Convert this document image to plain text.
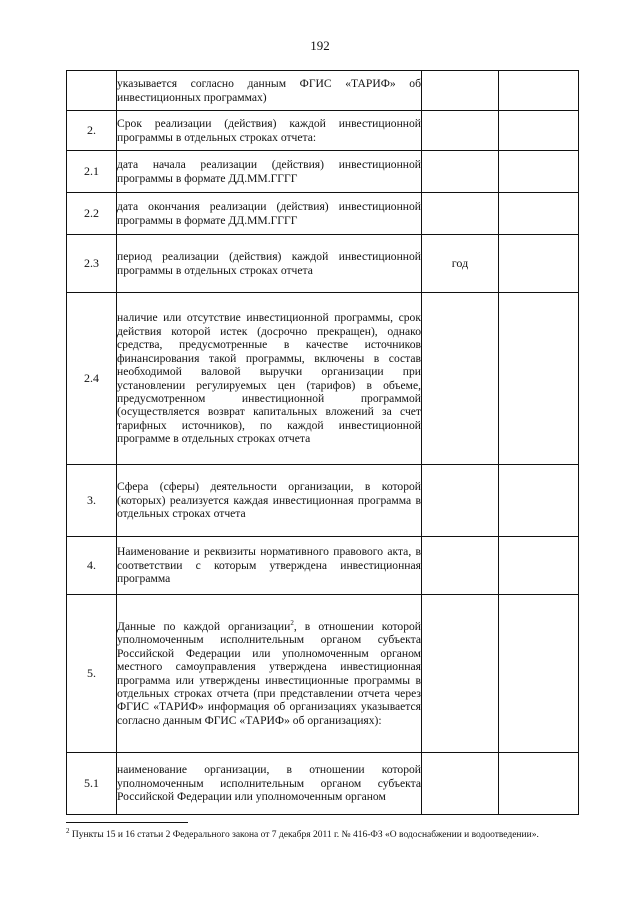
192
	указывается согласно данным ФГИС «ТАРИФ» об инвестиционных программах)		
2.	Срок реализации (действия) каждой инвестиционной программы в отдельных строках отчета:		
2.1	дата начала реализации (действия) инвестиционной программы в формате ДД.ММ.ГГГГ		
2.2	дата окончания реализации (действия) инвестиционной программы в формате ДД.ММ.ГГГГ		
2.3	период реализации (действия) каждой инвестиционной программы в отдельных строках отчета	год	
2.4	наличие или отсутствие инвестиционной программы, срок действия которой истек (досрочно прекращен), однако средства, предусмотренные в качестве источников финансирования такой программы, включены в состав необходимой валовой выручки организации при установлении регулируемых цен (тарифов) в объеме, предусмотренном инвестиционной программой (осуществляется возврат капитальных вложений за счет тарифных источников), по каждой инвестиционной программе в отдельных строках отчета		
3.	Сфера (сферы) деятельности организации, в которой (которых) реализуется каждая инвестиционная программа в отдельных строках отчета		
4.	Наименование и реквизиты нормативного правового акта, в соответствии с которым утверждена инвестиционная программа		
5.	Данные по каждой организации$^2$, в отношении которой уполномоченным исполнительным органом субъекта Российской Федерации или уполномоченным органом местного самоуправления утверждена инвестиционная программа или утверждены инвестиционные программы в отдельных строках отчета (при представлении отчета через ФГИС «ТАРИФ» информация об организациях указывается согласно данным ФГИС «ТАРИФ» об организациях):		
5.1	наименование организации, в отношении которой уполномоченным исполнительным органом субъекта Российской Федерации или уполномоченным органом		
$^2$ Пункты 15 и 16 статьи 2 Федерального закона от 7 декабря 2011 г. № 416-ФЗ «О водоснабжении и водоотведении».
